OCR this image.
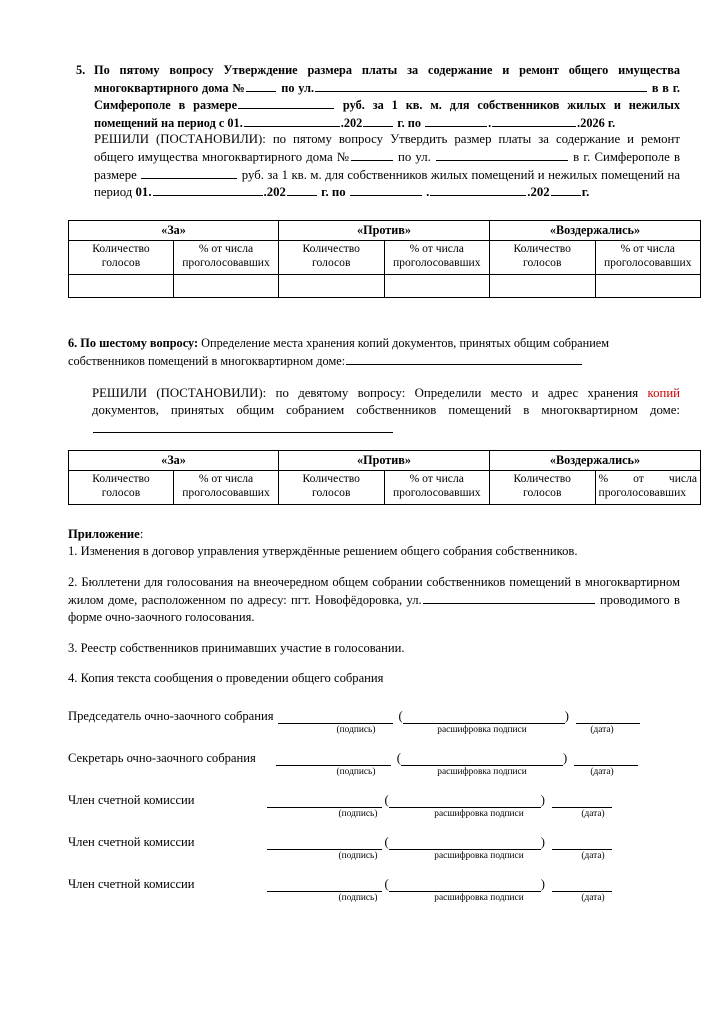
5. По пятому вопросу Утверждение размера платы за содержание и ремонт общего имущества многоквартирного дома №	по ул.	в в г. Симферополе в размере	руб. за 1 кв. м. для собственников жилых и нежилых помещений на период с 01.	.202	г. по	.	.2026 г.
РЕШИЛИ (ПОСТАНОВИЛИ): по пятому вопросу Утвердить размер платы за содержание и ремонт общего имущества многоквартирного дома №	по ул.	в г. Симферополе в размере	руб. за 1 кв. м. для собственников жилых помещений и нежилых помещений на период 01.	.202	г. по	.	.202	г.
«За»		«Против»		«Воздержались»	
Количество голосов	% от числа проголосовавших	Количество голосов	% от числа проголосовавших	Количество голосов	% от числа проголосовавших

6. По шестому вопросу: Определение места хранения копий документов, принятых общим собранием собственников помещений в многоквартирном доме:
РЕШИЛИ (ПОСТАНОВИЛИ): по девятому вопросу: Определили место и адрес хранения копий документов, принятых общим собранием собственников помещений в многоквартирном доме:
«За»		«Против»		«Воздержались»	
Количество голосов	% от числа проголосовавших	Количество голосов	% от числа проголосовавших	Количество голосов	% от числа проголосовавших
Приложение:
1. Изменения в договор управления утверждённые решением общего собрания собственников.
2. Бюллетени для голосования на внеочередном общем собрании собственников помещений в многоквартирном жилом доме, расположенном по адресу: пгт. Новофёдоровка, ул.	проводимого в форме очно-заочного голосования.
3. Реестр собственников принимавших участие в голосовании.
4. Копия текста сообщения о проведении общего собрания
Председатель очно-заочного собрания	(	)
(подпись)	расшифровка подписи	(дата)
Секретарь очно-заочного собрания	(	)
(подпись)	расшифровка подписи	(дата)
Член счетной комиссии	(	)
(подпись)	расшифровка подписи	(дата)
Член счетной комиссии	(	)
(подпись)	расшифровка подписи	(дата)
Член счетной комиссии	(	)
(подпись)	расшифровка подписи	(дата)
